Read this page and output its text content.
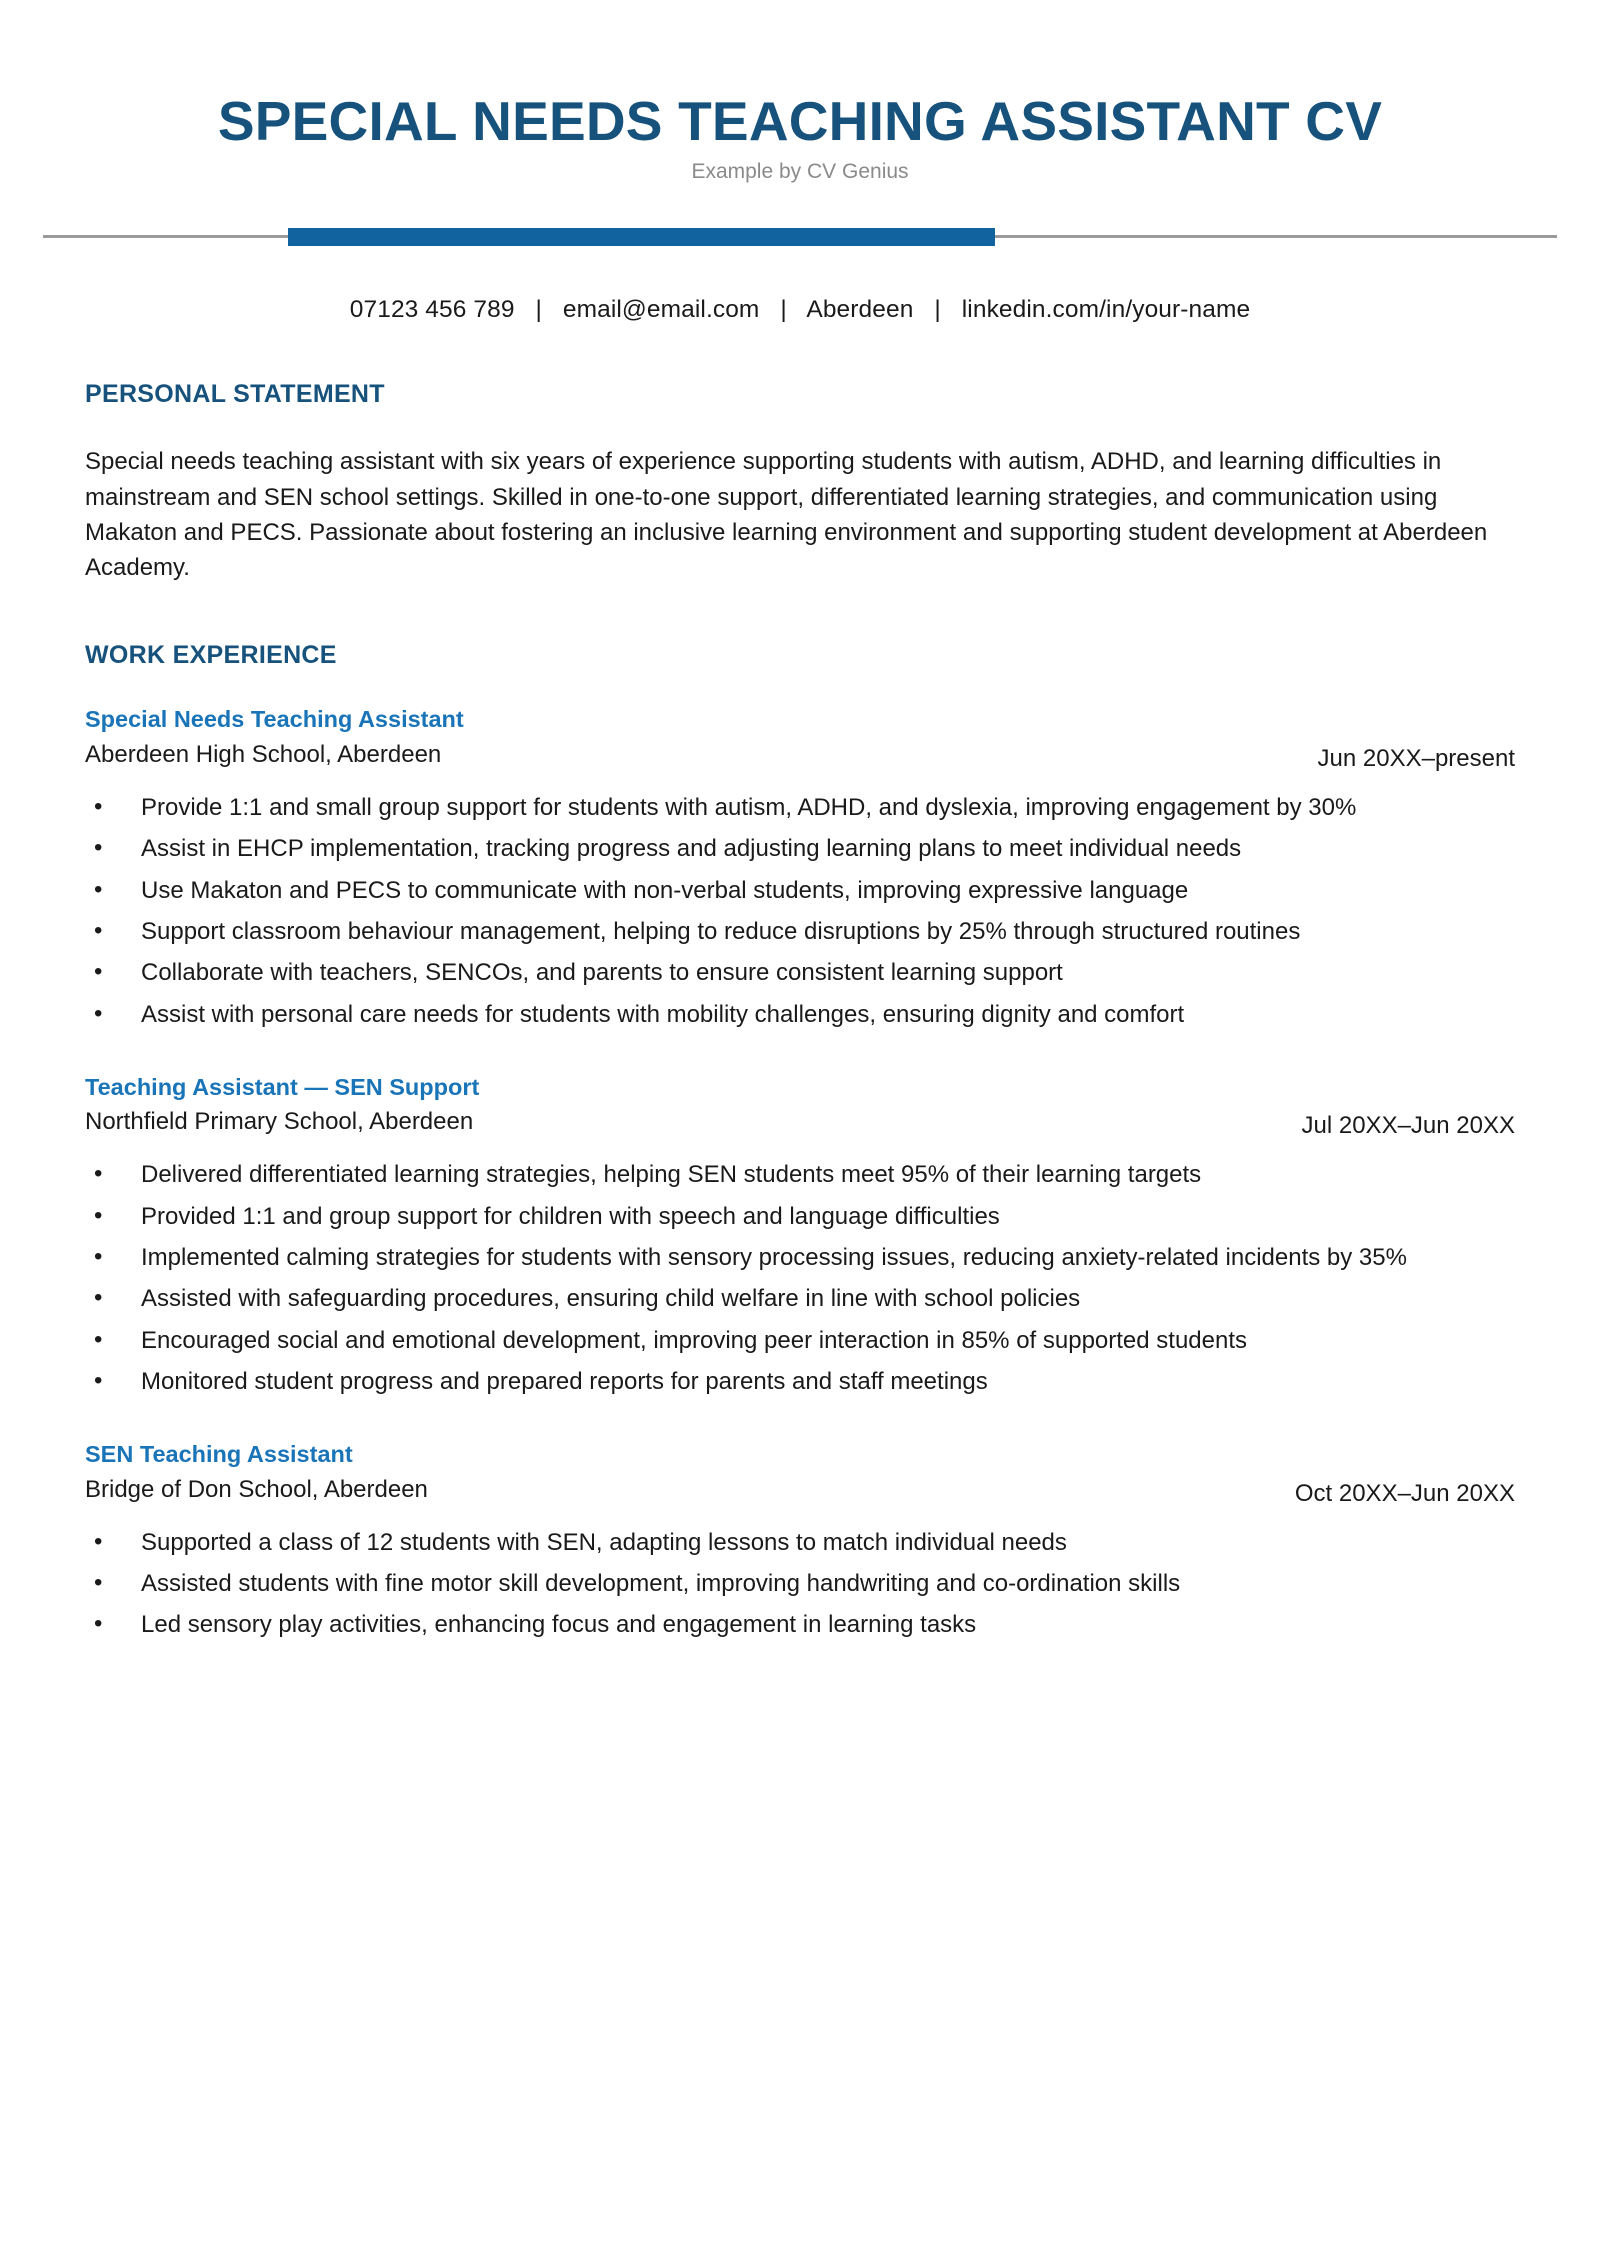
SPECIAL NEEDS TEACHING ASSISTANT CV
Example by CV Genius
07123 456 789 | email@email.com | Aberdeen | linkedin.com/in/your-name
PERSONAL STATEMENT

Special needs teaching assistant with six years of experience supporting students with autism, ADHD, and learning difficulties in mainstream and SEN school settings. Skilled in one-to-one support, differentiated learning strategies, and communication using Makaton and PECS. Passionate about fostering an inclusive learning environment and supporting student development at Aberdeen Academy.

WORK EXPERIENCE
Special Needs Teaching Assistant
Aberdeen High School, Aberdeen	Jun 20XX–present
• Provide 1:1 and small group support for students with autism, ADHD, and dyslexia, improving engagement by 30%
• Assist in EHCP implementation, tracking progress and adjusting learning plans to meet individual needs
• Use Makaton and PECS to communicate with non-verbal students, improving expressive language
• Support classroom behaviour management, helping to reduce disruptions by 25% through structured routines
• Collaborate with teachers, SENCOs, and parents to ensure consistent learning support
• Assist with personal care needs for students with mobility challenges, ensuring dignity and comfort
Teaching Assistant — SEN Support
Northfield Primary School, Aberdeen	Jul 20XX–Jun 20XX
• Delivered differentiated learning strategies, helping SEN students meet 95% of their learning targets
• Provided 1:1 and group support for children with speech and language difficulties
• Implemented calming strategies for students with sensory processing issues, reducing anxiety-related incidents by 35%
• Assisted with safeguarding procedures, ensuring child welfare in line with school policies
• Encouraged social and emotional development, improving peer interaction in 85% of supported students
• Monitored student progress and prepared reports for parents and staff meetings
SEN Teaching Assistant
Bridge of Don School, Aberdeen	Oct 20XX–Jun 20XX
• Supported a class of 12 students with SEN, adapting lessons to match individual needs
• Assisted students with fine motor skill development, improving handwriting and co-ordination skills
• Led sensory play activities, enhancing focus and engagement in learning tasks
